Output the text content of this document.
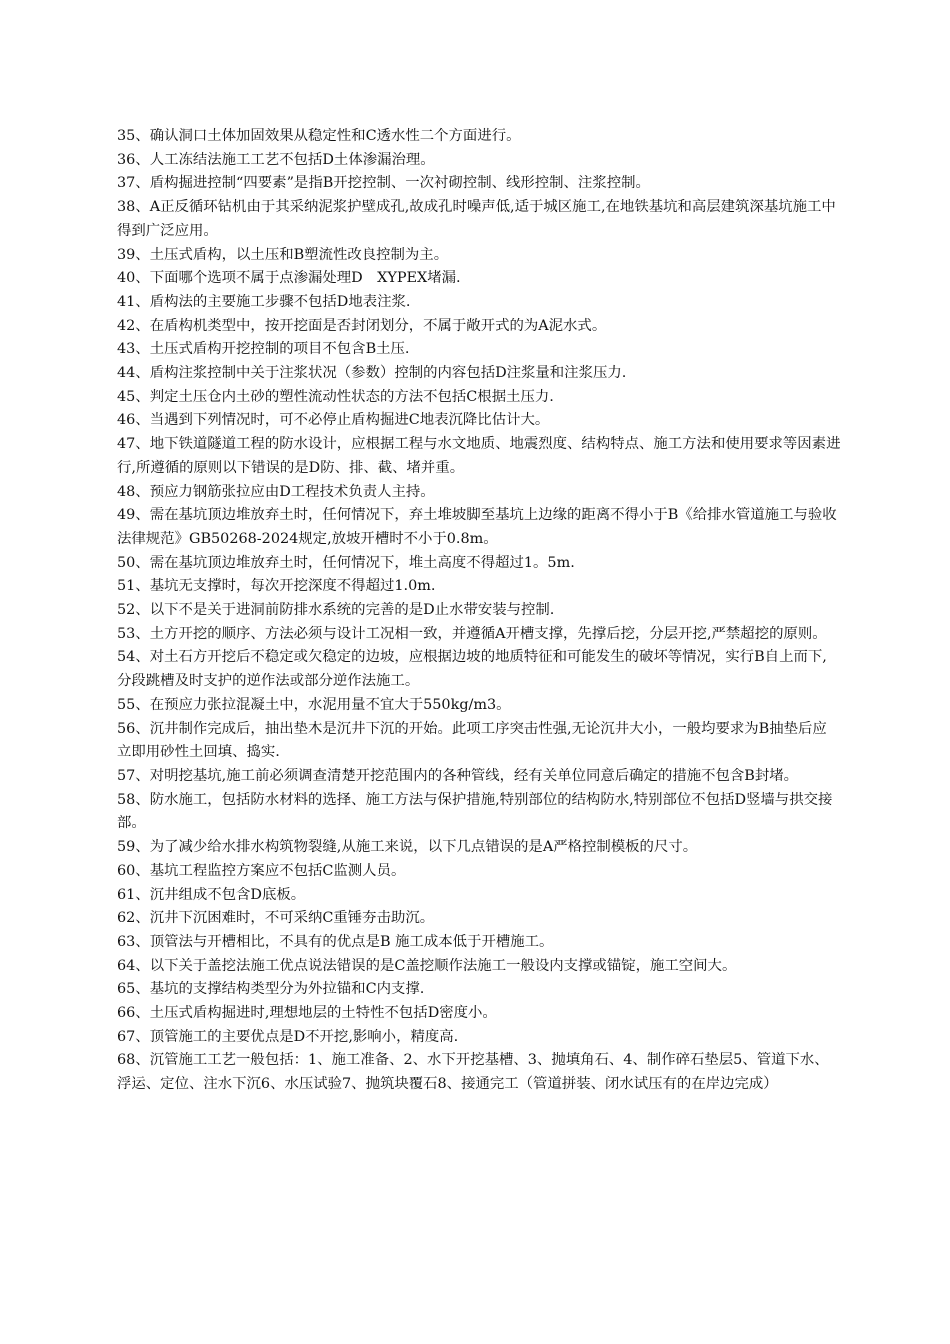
35、确认洞口土体加固效果从稳定性和C透水性二个方面进行。

36、人工冻结法施工工艺不包括D土体渗漏治理。

37、盾构掘进控制“四要素”是指B开挖控制、一次衬砌控制、线形控制、注浆控制。

38、A正反循环钻机由于其采纳泥浆护壁成孔,故成孔时噪声低,适于城区施工,在地铁基坑和高层建筑深基坑施工中得到广泛应用。

39、土压式盾构，以土压和B塑流性改良控制为主。

40、下面哪个选项不属于点渗漏处理D　XYPEX堵漏.

41、盾构法的主要施工步骤不包括D地表注浆.

42、在盾构机类型中，按开挖面是否封闭划分，不属于敞开式的为A泥水式。

43、土压式盾构开挖控制的项目不包含B土压.

44、盾构注浆控制中关于注浆状况（参数）控制的内容包括D注浆量和注浆压力.

45、判定土压仓内土砂的塑性流动性状态的方法不包括C根据土压力.

46、当遇到下列情况时，可不必停止盾构掘进C地表沉降比估计大。

47、地下铁道隧道工程的防水设计，应根据工程与水文地质、地震烈度、结构特点、施工方法和使用要求等因素进行,所遵循的原则以下错误的是D防、排、截、堵并重。

48、预应力钢筋张拉应由D工程技术负责人主持。

49、需在基坑顶边堆放弃土时，任何情况下，弃土堆坡脚至基坑上边缘的距离不得小于B《给排水管道施工与验收法律规范》GB50268-2024规定,放坡开槽时不小于0.8m。

50、需在基坑顶边堆放弃土时，任何情况下，堆土高度不得超过1。5m.

51、基坑无支撑时，每次开挖深度不得超过1.0m.

52、以下不是关于进洞前防排水系统的完善的是D止水带安装与控制.

53、土方开挖的顺序、方法必须与设计工况相一致，并遵循A开槽支撑，先撑后挖，分层开挖,严禁超挖的原则。

54、对土石方开挖后不稳定或欠稳定的边坡，应根据边坡的地质特征和可能发生的破坏等情况，实行B自上而下,分段跳槽及时支护的逆作法或部分逆作法施工。

55、在预应力张拉混凝土中，水泥用量不宜大于550kg/m3。

56、沉井制作完成后，抽出垫木是沉井下沉的开始。此项工序突击性强,无论沉井大小，一般均要求为B抽垫后应立即用砂性土回填、捣实.

57、对明挖基坑,施工前必须调查清楚开挖范围内的各种管线，经有关单位同意后确定的措施不包含B封堵。

58、防水施工，包括防水材料的选择、施工方法与保护措施,特别部位的结构防水,特别部位不包括D竖墙与拱交接部。

59、为了减少给水排水构筑物裂缝,从施工来说，以下几点错误的是A严格控制模板的尺寸。

60、基坑工程监控方案应不包括C监测人员。

61、沉井组成不包含D底板。

62、沉井下沉困难时，不可采纳C重锤夯击助沉。

63、顶管法与开槽相比，不具有的优点是B 施工成本低于开槽施工。

64、以下关于盖挖法施工优点说法错误的是C盖挖顺作法施工一般设内支撑或锚锭，施工空间大。

65、基坑的支撑结构类型分为外拉锚和C内支撑.

66、土压式盾构掘进时,理想地层的土特性不包括D密度小。

67、顶管施工的主要优点是D不开挖,影响小，精度高.

68、沉管施工工艺一般包括：1、施工准备、2、水下开挖基槽、3、抛填角石、4、制作碎石垫层5、管道下水、浮运、定位、注水下沉6、水压试验7、抛筑块覆石8、接通完工（管道拼装、闭水试压有的在岸边完成）
